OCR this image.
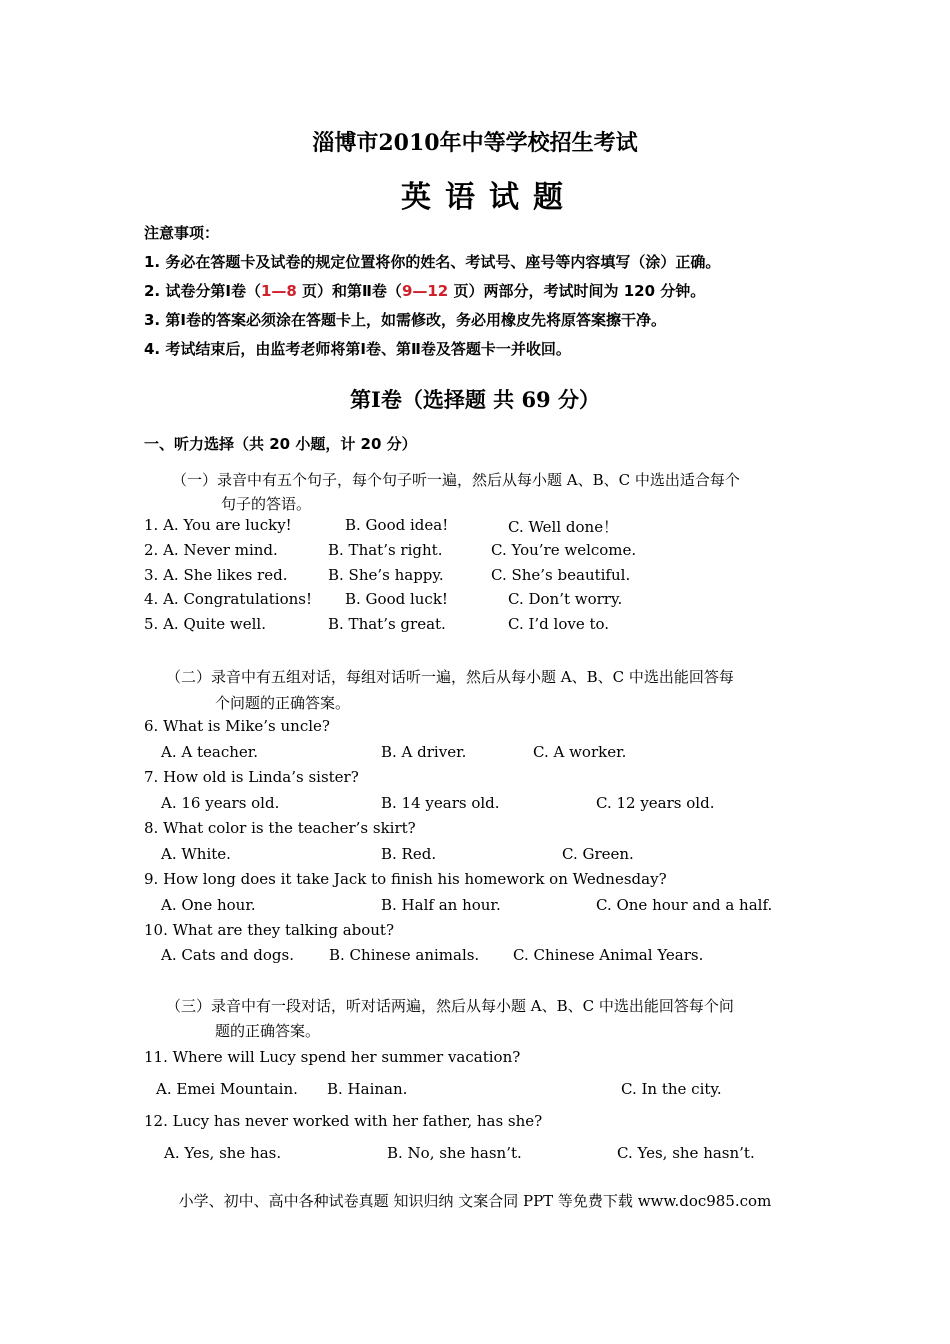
淄博市2010年中等学校招生考试
英语试题
注意事项：
1. 务必在答题卡及试卷的规定位置将你的姓名、考试号、座号等内容填写（涂）正确。
2. 试卷分第Ⅰ卷（1—8 页）和第Ⅱ卷（9—12 页）两部分，考试时间为 120 分钟。
3. 第Ⅰ卷的答案必须涂在答题卡上，如需修改，务必用橡皮先将原答案擦干净。
4. 考试结束后，由监考老师将第Ⅰ卷、第Ⅱ卷及答题卡一并收回。
第Ⅰ卷（选择题 共 69 分）
一、听力选择（共 20 小题，计 20 分）
（一）录音中有五个句子，每个句子听一遍，然后从每小题 A、B、C 中选出适合每个
句子的答语。
1. A. You are lucky!	B. Good idea!	C. Well done！
2. A. Never mind.	B. That’s right.	C. You’re welcome.
3. A. She likes red.	B. She’s happy.	C. She’s beautiful.
4. A. Congratulations! B. Good luck!	C. Don’t worry.
5. A. Quite well.	B. That’s great.	C. I’d love to.
（二）录音中有五组对话，每组对话听一遍，然后从每小题 A、B、C 中选出能回答每
个问题的正确答案。
6. What is Mike’s uncle?
A. A teacher.	B. A driver.	C. A worker.
7. How old is Linda’s sister?
A. 16 years old.	B. 14 years old.	C. 12 years old.
8. What color is the teacher’s skirt?
A. White.	B. Red.	C. Green.
9. How long does it take Jack to finish his homework on Wednesday?
A. One hour.	B. Half an hour.	C. One hour and a half.
10. What are they talking about?
A. Cats and dogs. B. Chinese animals. C. Chinese Animal Years.
（三）录音中有一段对话，听对话两遍，然后从每小题 A、B、C 中选出能回答每个问
题的正确答案。
11. Where will Lucy spend her summer vacation?
A. Emei Mountain. B. Hainan.	C. In the city.
12. Lucy has never worked with her father, has she?
A. Yes, she has.	B. No, she hasn’t.	C. Yes, she hasn’t.
小学、初中、高中各种试卷真题 知识归纳 文案合同 PPT 等免费下载 www.doc985.com
